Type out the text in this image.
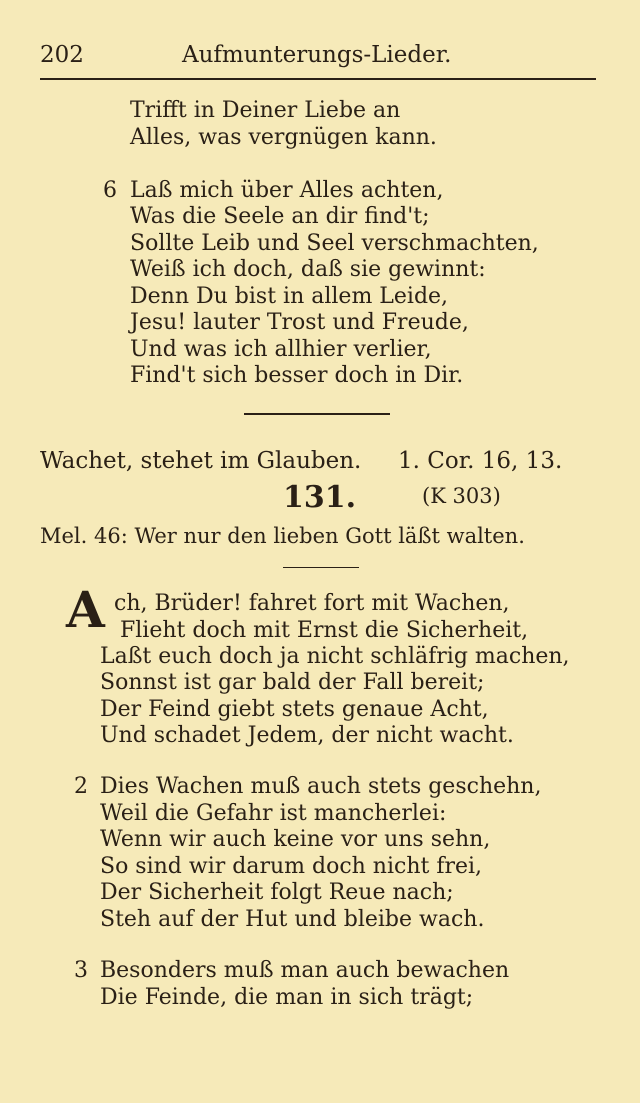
202	Aufmunterungs-Lieder.
Trifft in Deiner Liebe an
Alles, was vergnügen kann.
6 Laß mich über Alles achten,
Was die Seele an dir find't;
Sollte Leib und Seel verschmachten,
Weiß ich doch, daß sie gewinnt:
Denn Du bist in allem Leide,
Jesu! lauter Trost und Freude,
Und was ich allhier verlier,
Find't sich besser doch in Dir.
Wachet, stehet im Glauben. 1. Cor. 16, 13.
131.	(K 303)
Mel. 46: Wer nur den lieben Gott läßt walten.
A ch, Brüder! fahret fort mit Wachen,
Flieht doch mit Ernst die Sicherheit,
Laßt euch doch ja nicht schläfrig machen,
Sonnst ist gar bald der Fall bereit;
Der Feind giebt stets genaue Acht,
Und schadet Jedem, der nicht wacht.
2 Dies Wachen muß auch stets geschehn,
Weil die Gefahr ist mancherlei:
Wenn wir auch keine vor uns sehn,
So sind wir darum doch nicht frei,
Der Sicherheit folgt Reue nach;
Steh auf der Hut und bleibe wach.
3 Besonders muß man auch bewachen
Die Feinde, die man in sich trägt;
